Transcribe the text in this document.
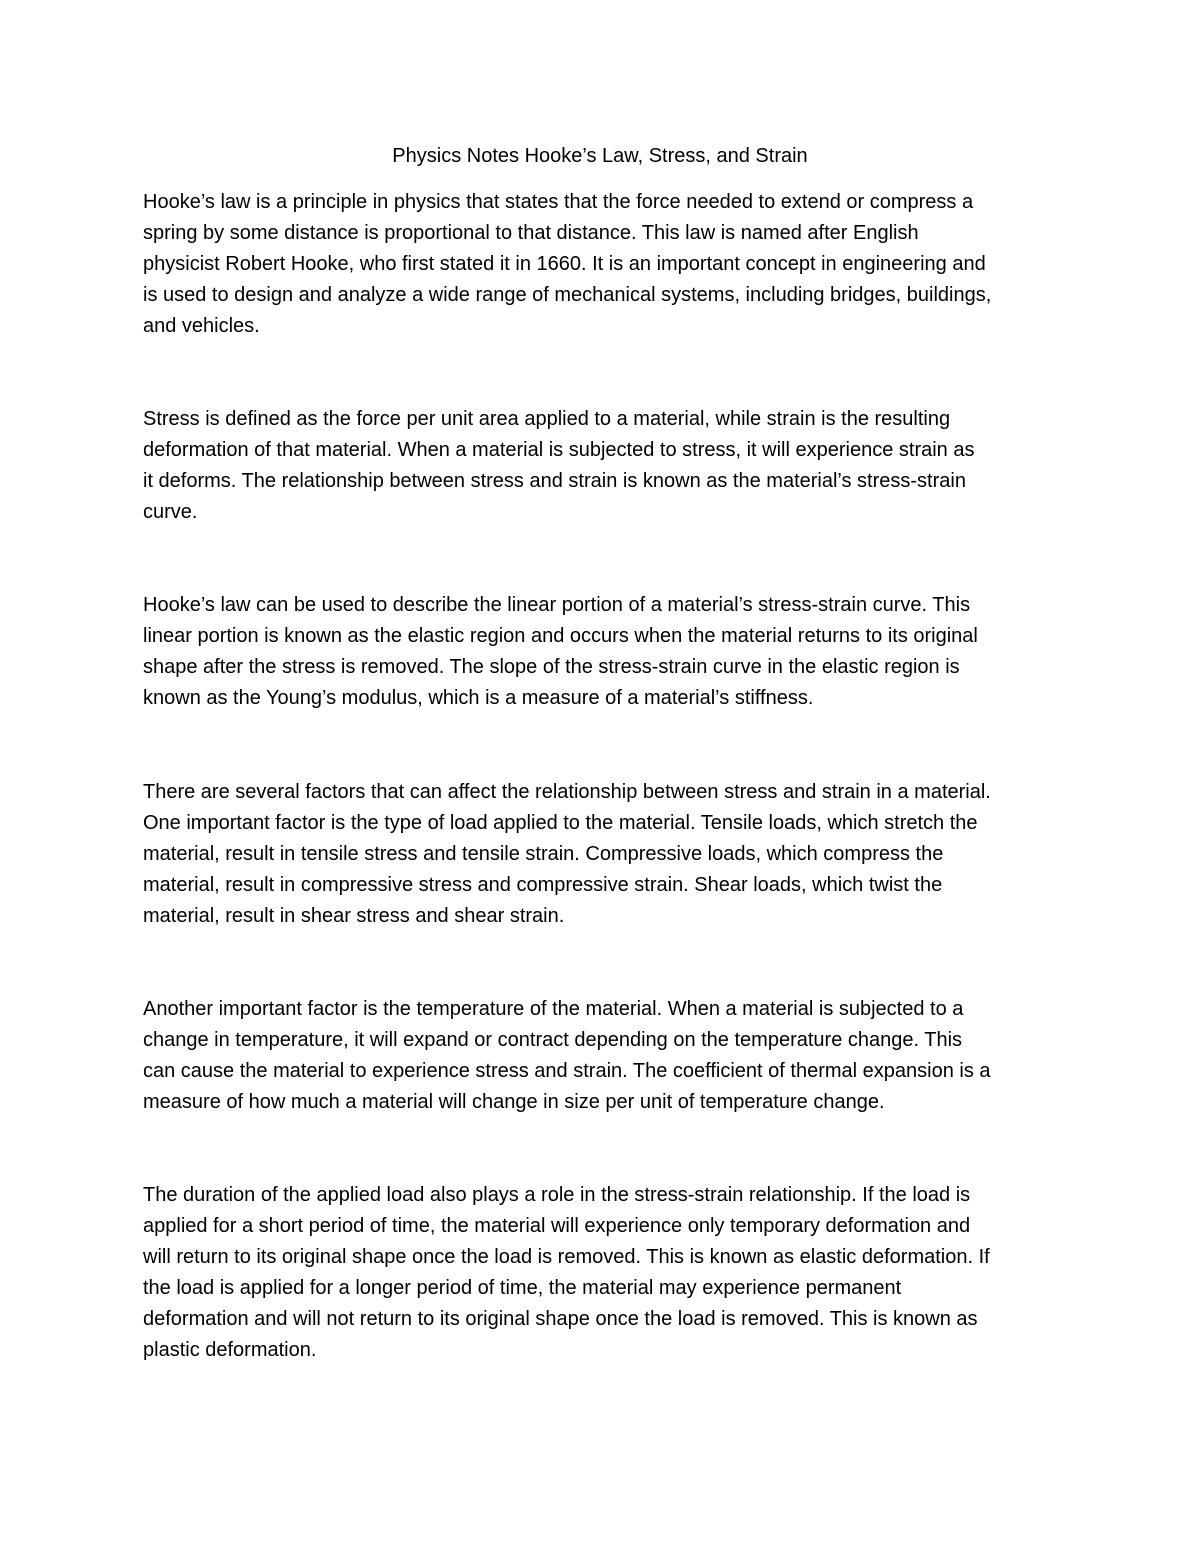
Physics Notes Hooke’s Law, Stress, and Strain

Hooke’s law is a principle in physics that states that the force needed to extend or compress a
spring by some distance is proportional to that distance. This law is named after English
physicist Robert Hooke, who first stated it in 1660. It is an important concept in engineering and
is used to design and analyze a wide range of mechanical systems, including bridges, buildings,
and vehicles.

Stress is defined as the force per unit area applied to a material, while strain is the resulting
deformation of that material. When a material is subjected to stress, it will experience strain as
it deforms. The relationship between stress and strain is known as the material’s stress-strain
curve.

Hooke’s law can be used to describe the linear portion of a material’s stress-strain curve. This
linear portion is known as the elastic region and occurs when the material returns to its original
shape after the stress is removed. The slope of the stress-strain curve in the elastic region is
known as the Young’s modulus, which is a measure of a material’s stiffness.

There are several factors that can affect the relationship between stress and strain in a material.
One important factor is the type of load applied to the material. Tensile loads, which stretch the
material, result in tensile stress and tensile strain. Compressive loads, which compress the
material, result in compressive stress and compressive strain. Shear loads, which twist the
material, result in shear stress and shear strain.

Another important factor is the temperature of the material. When a material is subjected to a
change in temperature, it will expand or contract depending on the temperature change. This
can cause the material to experience stress and strain. The coefficient of thermal expansion is a
measure of how much a material will change in size per unit of temperature change.

The duration of the applied load also plays a role in the stress-strain relationship. If the load is
applied for a short period of time, the material will experience only temporary deformation and
will return to its original shape once the load is removed. This is known as elastic deformation. If
the load is applied for a longer period of time, the material may experience permanent
deformation and will not return to its original shape once the load is removed. This is known as
plastic deformation.
